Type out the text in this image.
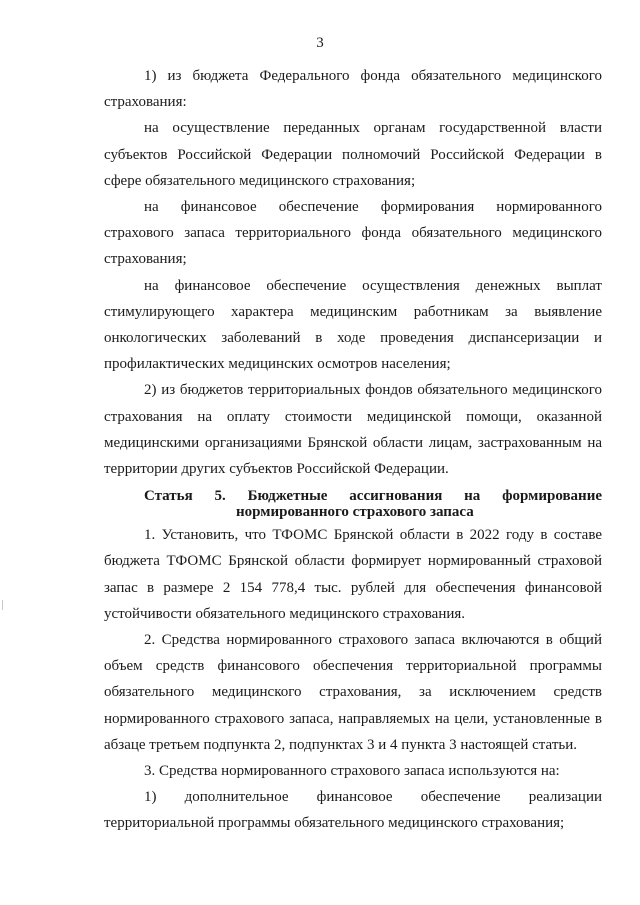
3

1) из бюджета Федерального фонда обязательного медицинского страхования:

на осуществление переданных органам государственной власти субъектов Российской Федерации полномочий Российской Федерации в сфере обязательного медицинского страхования;

на финансовое обеспечение формирования нормированного страхового запаса территориального фонда обязательного медицинского страхования;

на финансовое обеспечение осуществления денежных выплат стимулирующего характера медицинским работникам за выявление онкологических заболеваний в ходе проведения диспансеризации и профилактических медицинских осмотров населения;

2) из бюджетов территориальных фондов обязательного медицинского страхования на оплату стоимости медицинской помощи, оказанной медицинскими организациями Брянской области лицам, застрахованным на территории других субъектов Российской Федерации.

Статья 5. Бюджетные ассигнования на формирование
нормированного страхового запаса

1. Установить, что ТФОМС Брянской области в 2022 году в составе бюджета ТФОМС Брянской области формирует нормированный страховой запас в размере 2 154 778,4 тыс. рублей для обеспечения финансовой устойчивости обязательного медицинского страхования.

2. Средства нормированного страхового запаса включаются в общий объем средств финансового обеспечения территориальной программы обязательного медицинского страхования, за исключением средств нормированного страхового запаса, направляемых на цели, установленные в абзаце третьем подпункта 2, подпунктах 3 и 4 пункта 3 настоящей статьи.

3. Средства нормированного страхового запаса используются на:

1) дополнительное финансовое обеспечение реализации территориальной программы обязательного медицинского страхования;
